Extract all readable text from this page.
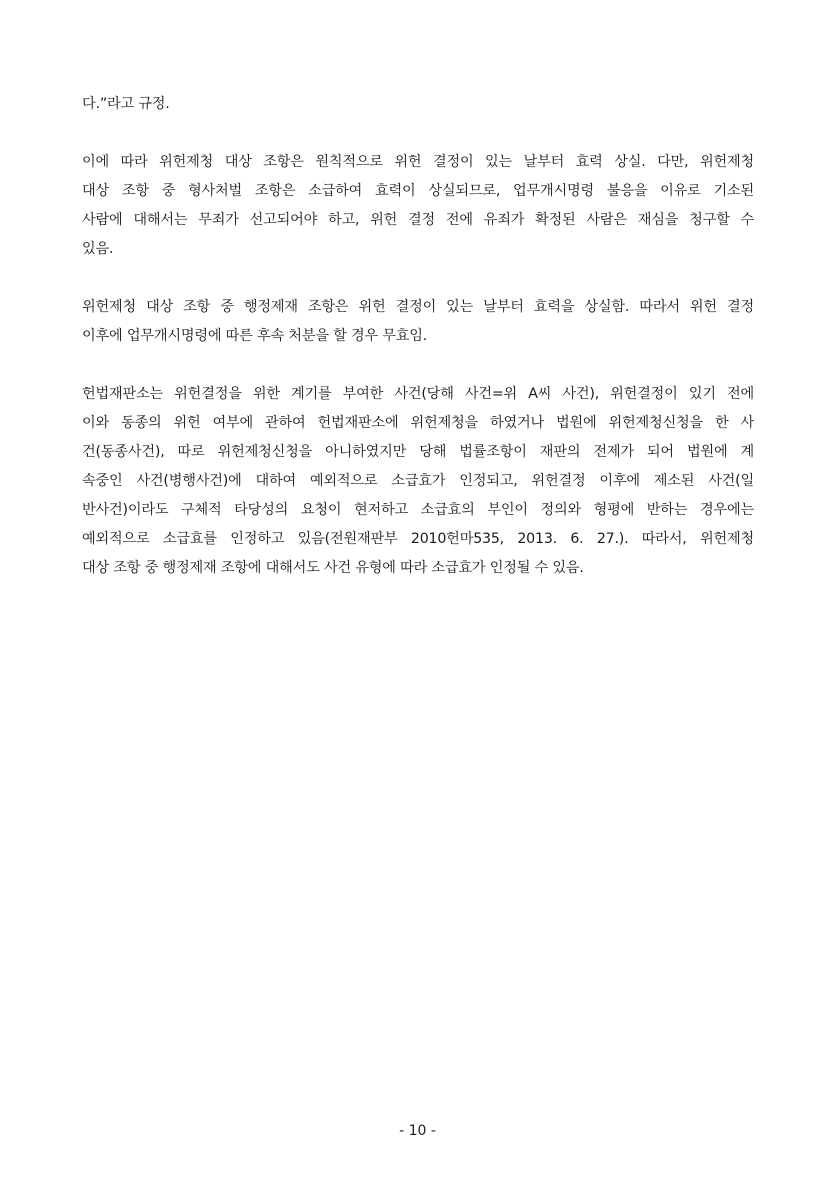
다.”라고 규정.

이에 따라 위헌제청 대상 조항은 원칙적으로 위헌 결정이 있는 날부터 효력 상실. 다만, 위헌제청
대상 조항 중 형사처벌 조항은 소급하여 효력이 상실되므로, 업무개시명령 불응을 이유로 기소된
사람에 대해서는 무죄가 선고되어야 하고, 위헌 결정 전에 유죄가 확정된 사람은 재심을 청구할 수
있음.

위헌제청 대상 조항 중 행정제재 조항은 위헌 결정이 있는 날부터 효력을 상실함. 따라서 위헌 결정
이후에 업무개시명령에 따른 후속 처분을 할 경우 무효임.

헌법재판소는 위헌결정을 위한 계기를 부여한 사건(당해 사건=위 A씨 사건), 위헌결정이 있기 전에
이와 동종의 위헌 여부에 관하여 헌법재판소에 위헌제청을 하였거나 법원에 위헌제청신청을 한 사
건(동종사건), 따로 위헌제청신청을 아니하였지만 당해 법률조항이 재판의 전제가 되어 법원에 계
속중인 사건(병행사건)에 대하여 예외적으로 소급효가 인정되고, 위헌결정 이후에 제소된 사건(일
반사건)이라도 구체적 타당성의 요청이 현저하고 소급효의 부인이 정의와 형평에 반하는 경우에는
예외적으로 소급효를 인정하고 있음(전원재판부 2010헌마535, 2013. 6. 27.). 따라서, 위헌제청
대상 조항 중 행정제재 조항에 대해서도 사건 유형에 따라 소급효가 인정될 수 있음.

- 10 -
